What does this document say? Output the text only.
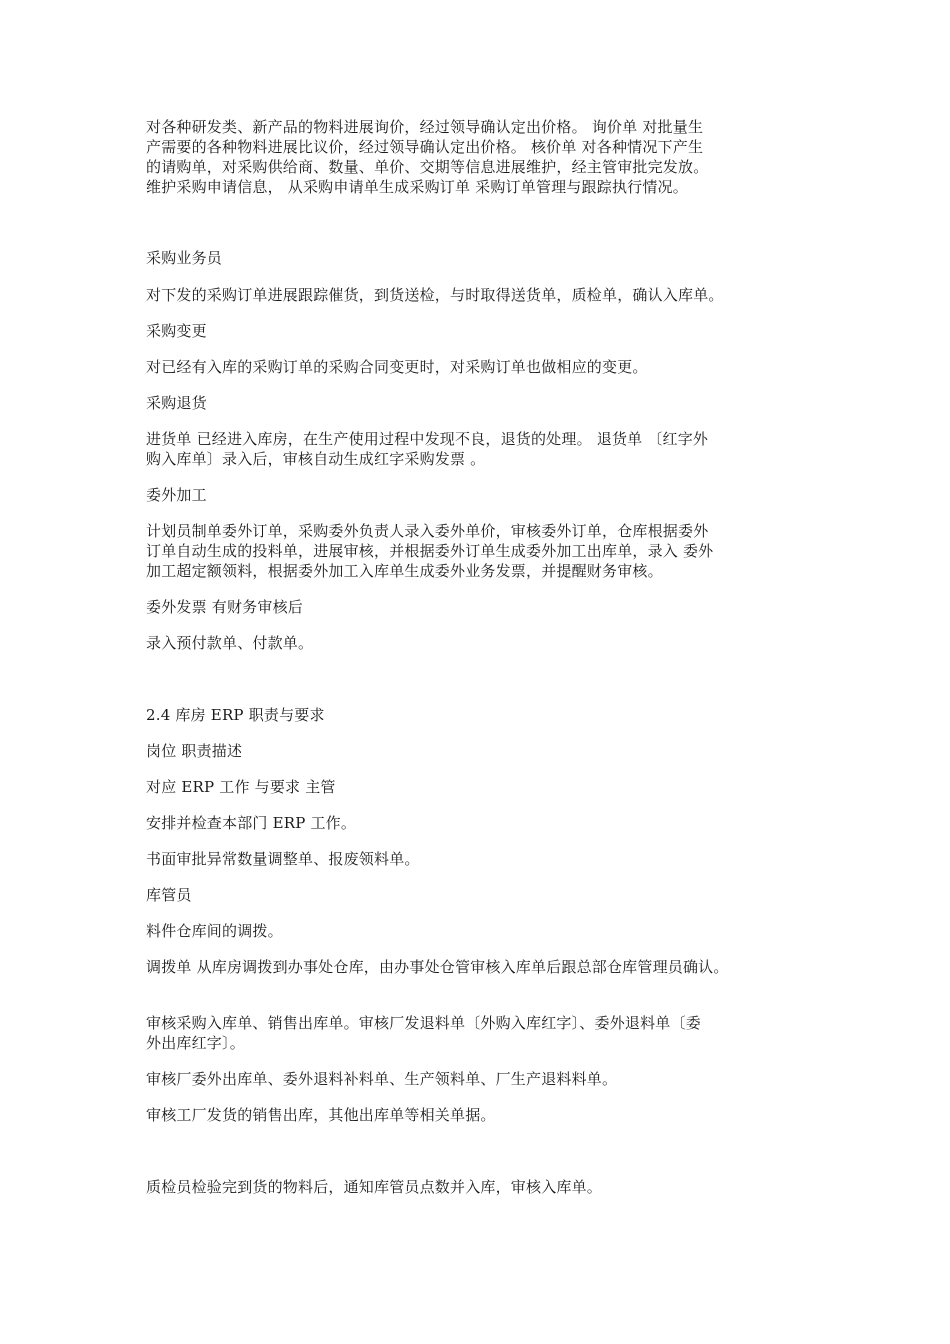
对各种研发类、新产品的物料进展询价，经过领导确认定出价格。 询价单 对批量生
产需要的各种物料进展比议价，经过领导确认定出价格。 核价单 对各种情况下产生
的请购单，对采购供给商、数量、单价、交期等信息进展维护，经主管审批完发放。
维护采购申请信息， 从采购申请单生成采购订单 采购订单管理与跟踪执行情况。

采购业务员

对下发的采购订单进展跟踪催货，到货送检，与时取得送货单，质检单，确认入库单。

采购变更

对已经有入库的采购订单的采购合同变更时，对采购订单也做相应的变更。

采购退货

进货单 已经进入库房，在生产使用过程中发现不良，退货的处理。 退货单 〔红字外
购入库单〕录入后，审核自动生成红字采购发票 。

委外加工

计划员制单委外订单，采购委外负责人录入委外单价，审核委外订单，仓库根据委外
订单自动生成的投料单，进展审核，并根据委外订单生成委外加工出库单，录入 委外
加工超定额领料，根据委外加工入库单生成委外业务发票，并提醒财务审核。

委外发票 有财务审核后

录入预付款单、付款单。

2.4 库房 ERP 职责与要求

岗位 职责描述

对应 ERP 工作 与要求 主管

安排并检查本部门 ERP 工作。

书面审批异常数量调整单、报废领料单。

库管员

料件仓库间的调拨。

调拨单 从库房调拨到办事处仓库，由办事处仓管审核入库单后跟总部仓库管理员确认。

审核采购入库单、销售出库单。审核厂发退料单〔外购入库红字〕、委外退料单〔委
外出库红字〕。

审核厂委外出库单、委外退料补料单、生产领料单、厂生产退料料单。

审核工厂发货的销售出库，其他出库单等相关单据。

质检员检验完到货的物料后，通知库管员点数并入库，审核入库单。
